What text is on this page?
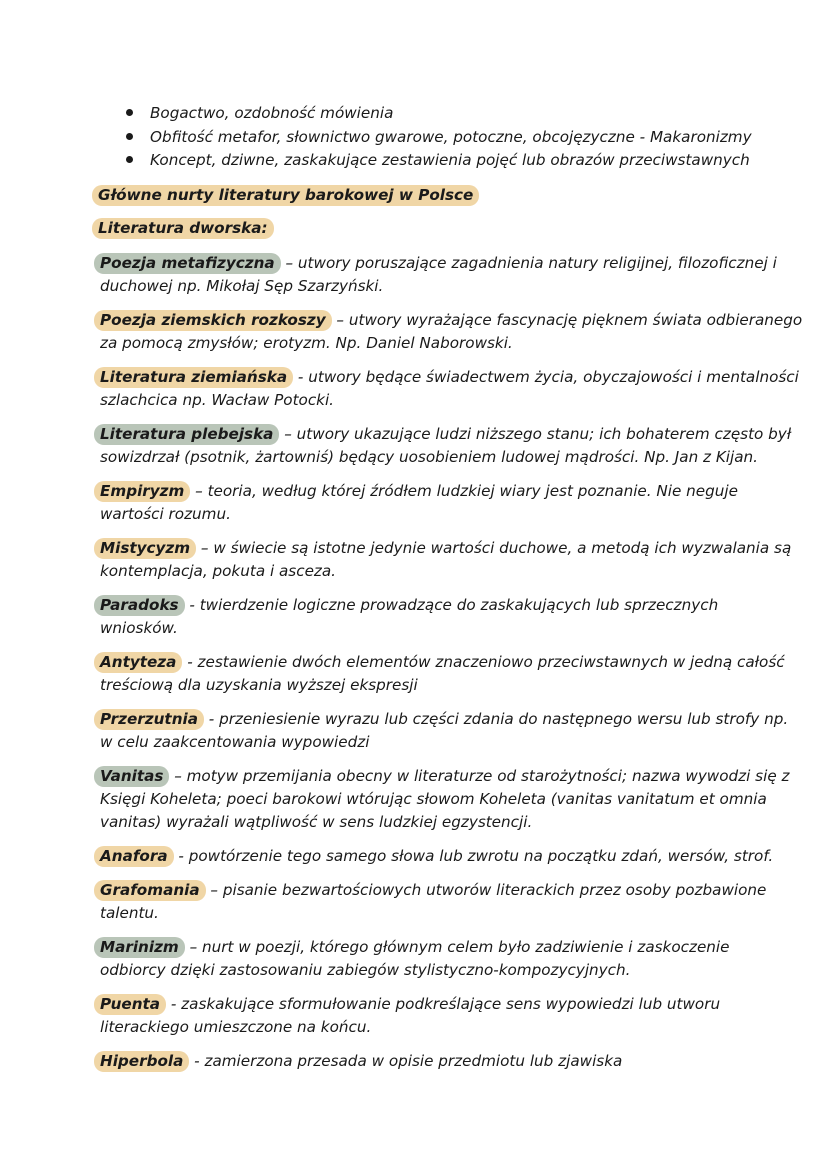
Bogactwo, ozdobność mówienia
Obfitość metafor, słownictwo gwarowe, potoczne, obcojęzyczne - Makaronizmy
Koncept, dziwne, zaskakujące zestawienia pojęć lub obrazów przeciwstawnych
Główne nurty literatury barokowej w Polsce
Literatura dworska:
Poezja metafizyczna – utwory poruszające zagadnienia natury religijnej, filozoficznej i
duchowej np. Mikołaj Sęp Szarzyński.
Poezja ziemskich rozkoszy – utwory wyrażające fascynację pięknem świata odbieranego
za pomocą zmysłów; erotyzm. Np. Daniel Naborowski.
Literatura ziemiańska - utwory będące świadectwem życia, obyczajowości i mentalności
szlachcica np. Wacław Potocki.
Literatura plebejska – utwory ukazujące ludzi niższego stanu; ich bohaterem często był
sowizdrzał (psotnik, żartowniś) będący uosobieniem ludowej mądrości. Np. Jan z Kijan.
Empiryzm – teoria, według której źródłem ludzkiej wiary jest poznanie. Nie neguje
wartości rozumu.
Mistycyzm – w świecie są istotne jedynie wartości duchowe, a metodą ich wyzwalania są
kontemplacja, pokuta i asceza.
Paradoks - twierdzenie logiczne prowadzące do zaskakujących lub sprzecznych
wniosków.
Antyteza - zestawienie dwóch elementów znaczeniowo przeciwstawnych w jedną całość
treściową dla uzyskania wyższej ekspresji
Przerzutnia - przeniesienie wyrazu lub części zdania do następnego wersu lub strofy np.
w celu zaakcentowania wypowiedzi
Vanitas – motyw przemijania obecny w literaturze od starożytności; nazwa wywodzi się z
Księgi Koheleta; poeci barokowi wtórując słowom Koheleta (vanitas vanitatum et omnia
vanitas) wyrażali wątpliwość w sens ludzkiej egzystencji.
Anafora - powtórzenie tego samego słowa lub zwrotu na początku zdań, wersów, strof.
Grafomania – pisanie bezwartościowych utworów literackich przez osoby pozbawione
talentu.
Marinizm – nurt w poezji, którego głównym celem było zadziwienie i zaskoczenie
odbiorcy dzięki zastosowaniu zabiegów stylistyczno-kompozycyjnych.
Puenta - zaskakujące sformułowanie podkreślające sens wypowiedzi lub utworu
literackiego umieszczone na końcu.
Hiperbola - zamierzona przesada w opisie przedmiotu lub zjawiska
